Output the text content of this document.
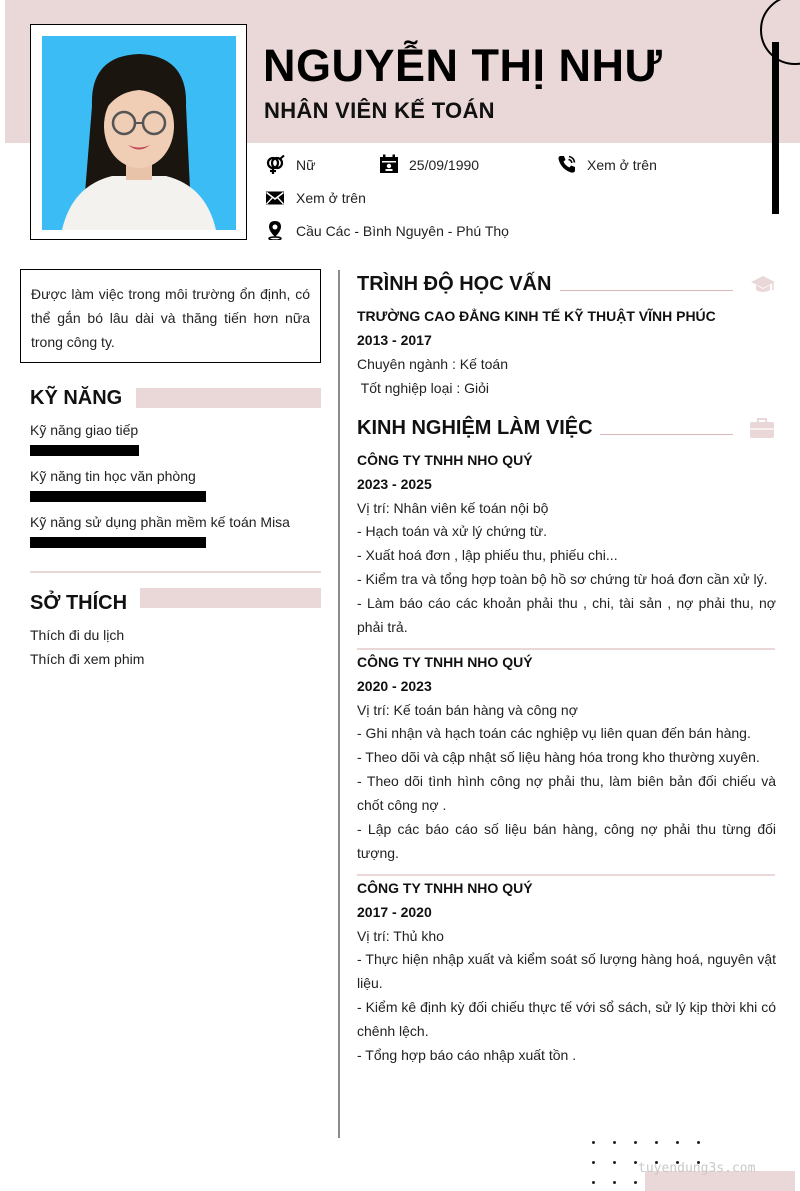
NGUYỄN THỊ NHƯ
NHÂN VIÊN KẾ TOÁN
Nữ	25/09/1990	Xem ở trên
Xem ở trên
Cầu Các - Bình Nguyên - Phú Thọ
Được làm việc trong môi trường ổn định, có thể gắn bó lâu dài và thăng tiến hơn nữa trong công ty.
KỸ NĂNG
Kỹ năng giao tiếp
Kỹ năng tin học văn phòng
Kỹ năng sử dụng phần mềm kế toán Misa
SỞ THÍCH
Thích đi du lịch
Thích đi xem phim
TRÌNH ĐỘ HỌC VẤN
TRƯỜNG CAO ĐẲNG KINH TẾ KỸ THUẬT VĨNH PHÚC
2013 - 2017
Chuyên ngành : Kế toán
Tốt nghiệp loại : Giỏi
KINH NGHIỆM LÀM VIỆC
CÔNG TY TNHH NHO QUÝ
2023 - 2025
Vị trí: Nhân viên kế toán nội bộ
- Hạch toán và xử lý chứng từ.
- Xuất hoá đơn , lập phiếu thu, phiếu chi...
- Kiểm tra và tổng hợp toàn bộ hồ sơ chứng từ hoá đơn cần xử lý.
- Làm báo cáo các khoản phải thu , chi, tài sản , nợ phải thu, nợ phải trả.
CÔNG TY TNHH NHO QUÝ
2020 - 2023
Vị trí: Kế toán bán hàng và công nợ
- Ghi nhận và hạch toán các nghiệp vụ liên quan đến bán hàng.
- Theo dõi và cập nhật số liệu hàng hóa trong kho thường xuyên.
- Theo dõi tình hình công nợ phải thu, làm biên bản đối chiếu và chốt công nợ .
- Lập các báo cáo số liệu bán hàng, công nợ phải thu từng đối tượng.
CÔNG TY TNHH NHO QUÝ
2017 - 2020
Vị trí: Thủ kho
- Thực hiện nhập xuất và kiểm soát số lượng hàng hoá, nguyên vật liệu.
- Kiểm kê định kỳ đối chiếu thực tế với sổ sách, sử lý kịp thời khi có chênh lệch.
- Tổng hợp báo cáo nhập xuất tồn .
tuyendung3s.com
